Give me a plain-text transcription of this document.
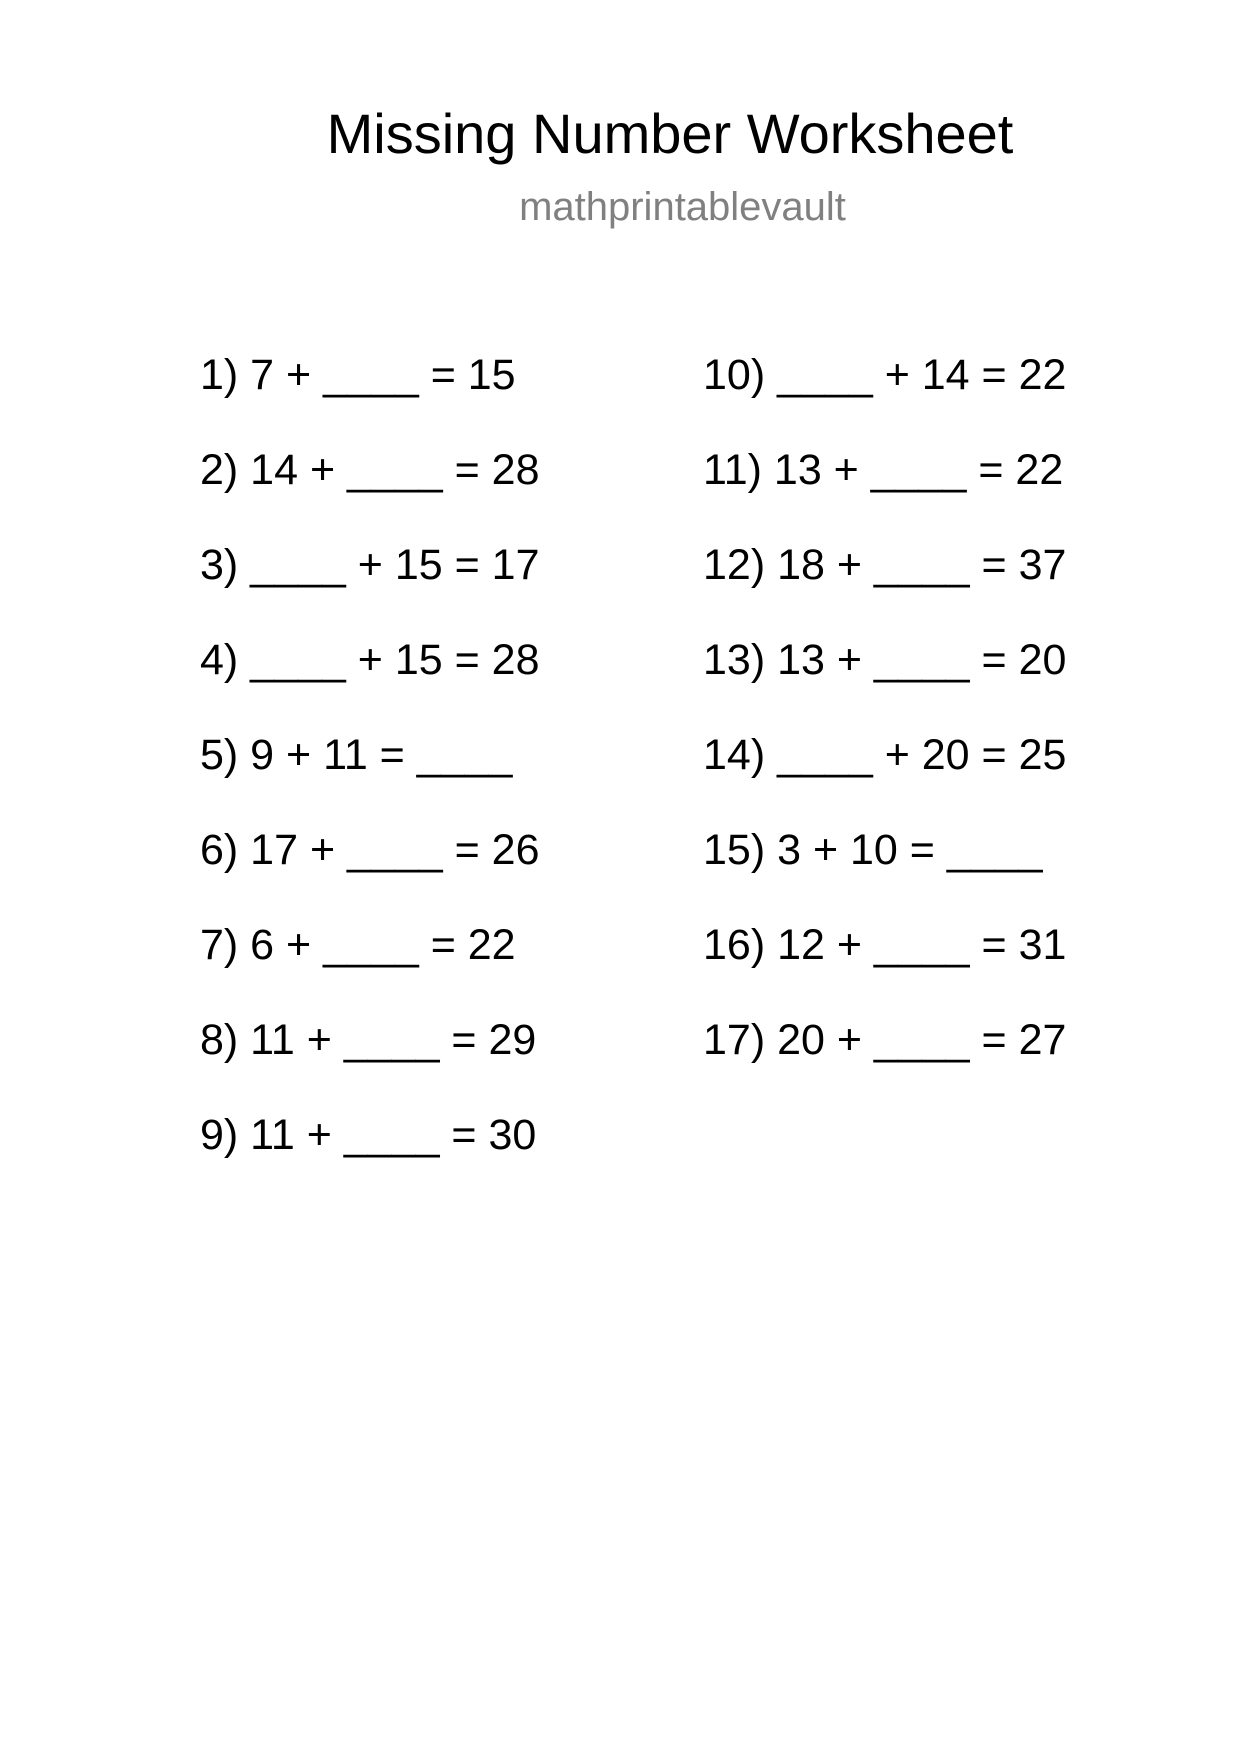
Missing Number Worksheet
mathprintablevault
1) 7 + ____ = 15
2) 14 + ____ = 28
3) ____ + 15 = 17
4) ____ + 15 = 28
5) 9 + 11 = ____
6) 17 + ____ = 26
7) 6 + ____ = 22
8) 11 + ____ = 29
9) 11 + ____ = 30
10) ____ + 14 = 22
11) 13 + ____ = 22
12) 18 + ____ = 37
13) 13 + ____ = 20
14) ____ + 20 = 25
15) 3 + 10 = ____
16) 12 + ____ = 31
17) 20 + ____ = 27
